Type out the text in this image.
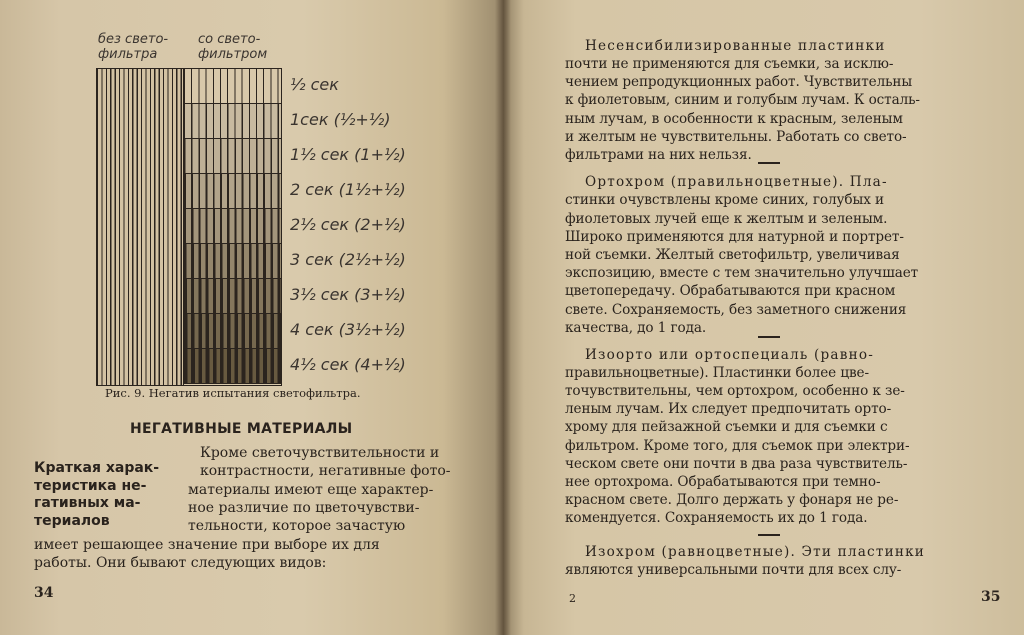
без свето-
фильтра
со свето-
фильтром
½ сек
1сек (½+½)
1½ сек (1+½)
2 сек (1½+½)
2½ сек (2+½)
3 сек (2½+½)
3½ сек (3+½)
4 сек (3½+½)
4½ сек (4+½)
Рис. 9. Негатив испытания светофильтра.
НЕГАТИВНЫЕ МАТЕРИАЛЫ
Краткая харак-
теристика не-
гативных ма-
териалов
Кроме светочувствительности и
контрастности, негативные фото-
материалы имеют еще характер-
ное различие по цветочувстви-
тельности, которое зачастую
имеет решающее значение при выборе их для
работы. Они бывают следующих видов:
34	2	35
Несенсибилизированные пластинки
почти не применяются для съемки, за исклю-
чением репродукционных работ. Чувствительны
к фиолетовым, синим и голубым лучам. К осталь-
ным лучам, в особенности к красным, зеленым
и желтым не чувствительны. Работать со свето-
фильтрами на них нельзя.
Ортохром (правильноцветные). Пла-
стинки очувствлены кроме синих, голубых и
фиолетовых лучей еще к желтым и зеленым.
Широко применяются для натурной и портрет-
ной съемки. Желтый светофильтр, увеличивая
экспозицию, вместе с тем значительно улучшает
цветопередачу. Обрабатываются при красном
свете. Сохраняемость, без заметного снижения
качества, до 1 года.
Изоорто или ортоспециаль (равно-
правильноцветные). Пластинки более цве-
точувствительны, чем ортохром, особенно к зе-
леным лучам. Их следует предпочитать орто-
хрому для пейзажной съемки и для съемки с
фильтром. Кроме того, для съемок при электри-
ческом свете они почти в два раза чувствитель-
нее ортохрома. Обрабатываются при темно-
красном свете. Долго держать у фонаря не ре-
комендуется. Сохраняемость их до 1 года.
Изохром (равноцветные). Эти пластинки
являются универсальными почти для всех слу-
